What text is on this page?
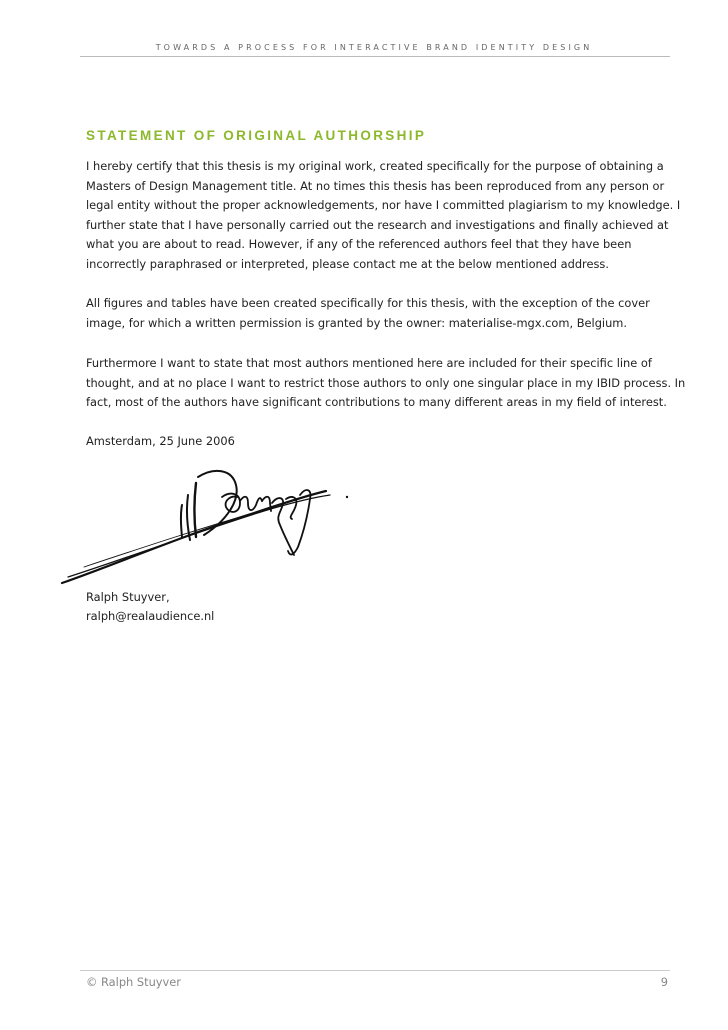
TOWARDS A PROCESS FOR INTERACTIVE BRAND IDENTITY DESIGN
STATEMENT OF ORIGINAL AUTHORSHIP

I hereby certify that this thesis is my original work, created specifically for the purpose of obtaining a Masters of Design Management title. At no times this thesis has been reproduced from any person or legal entity without the proper acknowledgements, nor have I committed plagiarism to my knowledge. I further state that I have personally carried out the research and investigations and finally achieved at what you are about to read. However, if any of the referenced authors feel that they have been incorrectly paraphrased or interpreted, please contact me at the below mentioned address.

All figures and tables have been created specifically for this thesis, with the exception of the cover image, for which a written permission is granted by the owner: materialise-mgx.com, Belgium.

Furthermore I want to state that most authors mentioned here are included for their specific line of thought, and at no place I want to restrict those authors to only one singular place in my IBID process. In fact, most of the authors have significant contributions to many different areas in my field of interest.

Amsterdam, 25 June 2006

Ralph Stuyver,

ralph@realaudience.nl

© Ralph Stuyver	9
